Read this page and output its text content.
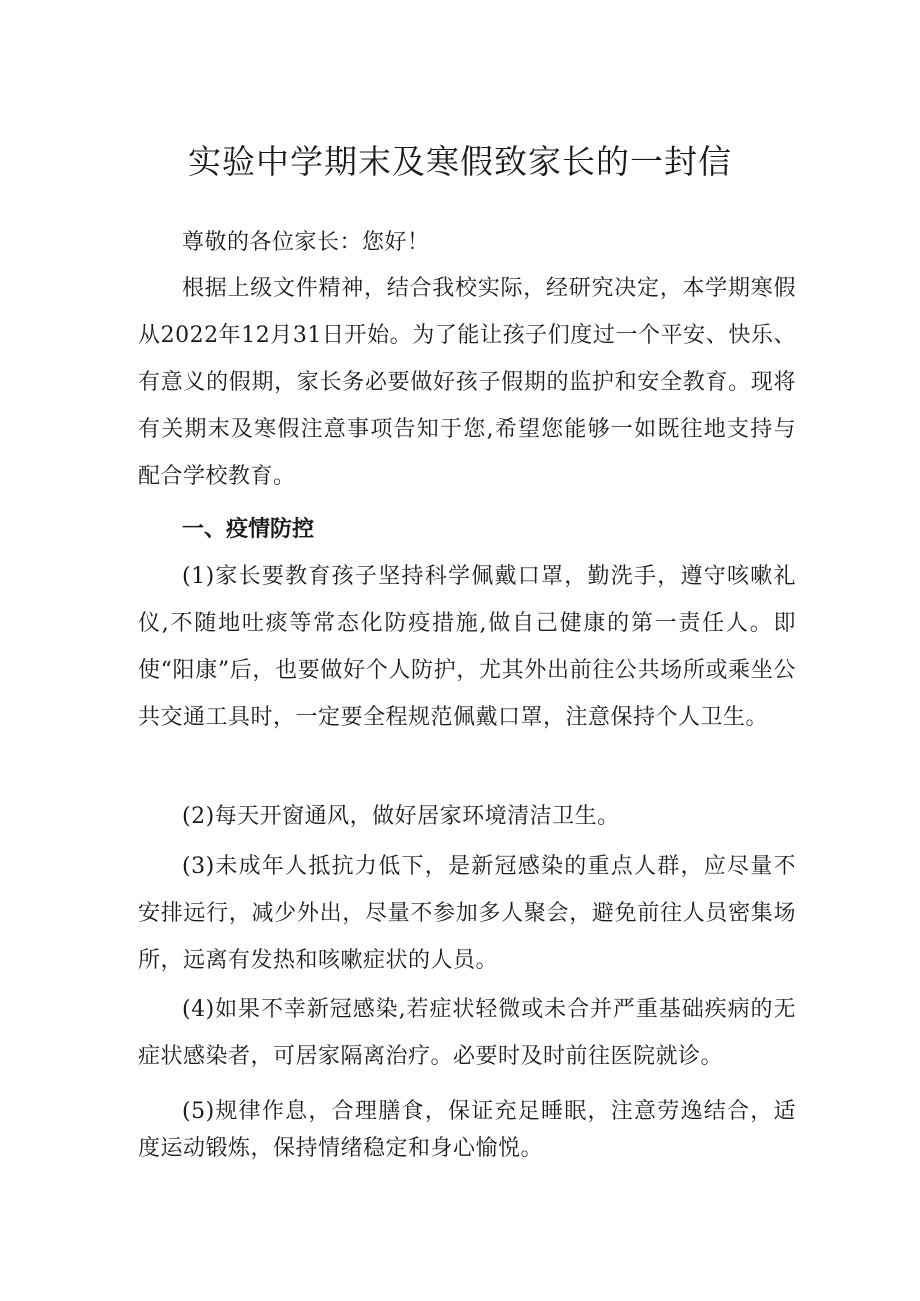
实验中学期末及寒假致家长的一封信

尊敬的各位家长：您好！

根据上级文件精神，结合我校实际，经研究决定，本学期寒假从2022年12月31日开始。为了能让孩子们度过一个平安、快乐、有意义的假期，家长务必要做好孩子假期的监护和安全教育。现将有关期末及寒假注意事项告知于您,希望您能够一如既往地支持与配合学校教育。

一、疫情防控

(1)家长要教育孩子坚持科学佩戴口罩，勤洗手，遵守咳嗽礼仪,不随地吐痰等常态化防疫措施,做自己健康的第一责任人。即使“阳康”后，也要做好个人防护，尤其外出前往公共场所或乘坐公共交通工具时，一定要全程规范佩戴口罩，注意保持个人卫生。

(2)每天开窗通风，做好居家环境清洁卫生。

(3)未成年人抵抗力低下，是新冠感染的重点人群，应尽量不安排远行，减少外出，尽量不参加多人聚会，避免前往人员密集场所，远离有发热和咳嗽症状的人员。

(4)如果不幸新冠感染,若症状轻微或未合并严重基础疾病的无症状感染者，可居家隔离治疗。必要时及时前往医院就诊。

(5)规律作息，合理膳食，保证充足睡眠，注意劳逸结合，适度运动锻炼，保持情绪稳定和身心愉悦。
